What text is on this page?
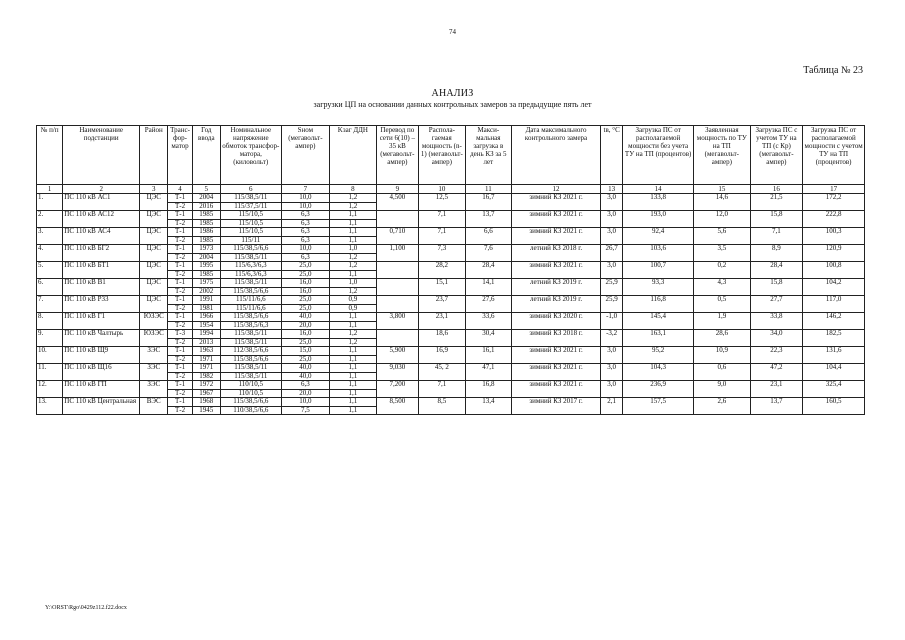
74
Таблица № 23
АНАЛИЗ
загрузки ЦП на основании данных контрольных замеров за предыдущие пять лет
№ п/п	Наименование подстанции	Район	Транс-фор-матор	Год ввода	Номинальное напряжение обмоток трансфор-матора, (киловольт)	Sном (мегавольт-ампер)	Kзаг ДДН	Перевод по сети 6(10) – 35 кВ (мегавольт-ампер)	Распола-гаемая мощность (n-1) (мегавольт-ампер)	Макси-мальная загрузка в день КЗ за 5 лет	Дата максимального контрольного замера	tв, °С	Загрузка ПС от располагаемой мощности без учета ТУ на ТП (процентов)	Заявленная мощность по ТУ на ТП (мегавольт-ампер)	Загрузка ПС с учетом ТУ на ТП (с Кр) (мегавольт-ампер)	Загрузка ПС от располагаемой мощности с учетом ТУ на ТП (процентов)
1	2	3	4	5	6	7	8	9	10	11	12	13	14	15	16	17
1.	ПС 110 кВ АС1	ЦЭС	Т-1	2004	115/38,5/11	10,0	1,2	4,500	12,5	16,7	зимний КЗ 2021 г.	3,0	133,8	14,6	21,5	172,2
			Т-2	2016	115/37,5/11	10,0	1,2									
2.	ПС 110 кВ АС12	ЦЭС	Т-1	1985	115/10,5	6,3	1,1		7,1	13,7	зимний КЗ 2021 г.	3,0	193,0	12,0	15,8	222,8
			Т-2	1985	115/10,5	6,3	1,1									
3.	ПС 110 кВ АС4	ЦЭС	Т-1	1986	115/10,5	6,3	1,1	0,710	7,1	6,6	зимний КЗ 2021 г.	3,0	92,4	5,6	7,1	100,3
			Т-2	1985	115/11	6,3	1,1									
4.	ПС 110 кВ БГ2	ЦЭС	Т-1	1973	115/38,5/6,6	10,0	1,0	1,100	7,3	7,6	летний КЗ 2018 г.	26,7	103,6	3,5	8,9	120,9
			Т-2	2004	115/38,5/11	6,3	1,2									
5.	ПС 110 кВ БТ1	ЦЭС	Т-1	1995	115/6,3/6,3	25,0	1,2		28,2	28,4	зимний КЗ 2021 г.	3,0	100,7	0,2	28,4	100,8
			Т-2	1985	115/6,3/6,3	25,0	1,1									
6.	ПС 110 кВ В1	ЦЭС	Т-1	1975	115/38,5/11	16,0	1,0		15,1	14,1	летний КЗ 2019 г.	25,9	93,3	4,3	15,8	104,2
			Т-2	2002	115/38,5/6,6	16,0	1,2									
7.	ПС 110 кВ Р33	ЦЭС	Т-1	1991	115/11/6,6	25,0	0,9		23,7	27,6	летний КЗ 2019 г.	25,9	116,8	0,5	27,7	117,0
			Т-2	1981	115/11/6,6	25,0	0,9									
8.	ПС 110 кВ Г1	ЮЗЭС	Т-1	1966	115/38,5/6,6	40,0	1,1	3,800	23,1	33,6	зимний КЗ 2020 г.	-1,0	145,4	1,9	33,8	146,2
			Т-2	1954	115/38,5/6,3	20,0	1,1									
9.	ПС 110 кВ Чалтырь	ЮЗЭС	Т-3	1994	115/38,5/11	16,0	1,2		18,6	30,4	зимний КЗ 2018 г.	-3,2	163,1	28,6	34,0	182,5
			Т-2	2013	115/38,5/11	25,0	1,2									
10.	ПС 110 кВ Щ9	ЗЭС	Т-1	1963	112/38,5/6,6	15,0	1,1	5,900	16,9	16,1	зимний КЗ 2021 г.	3,0	95,2	10,9	22,3	131,6
			Т-2	1971	115/38,5/6,6	25,0	1,1									
11.	ПС 110 кВ Щ16	ЗЭС	Т-1	1971	115/38,5/11	40,0	1,1	9,030	45, 2	47,1	зимний КЗ 2021 г.	3,0	104,3	0,6	47,2	104,4
			Т-2	1982	115/38,5/11	40,0	1,1									
12.	ПС 110 кВ ГП	ЗЭС	Т-1	1972	110/10,5	6,3	1,1	7,200	7,1	16,8	зимний КЗ 2021 г.	3,0	236,9	9,0	23,1	325,4
			Т-2	1967	110/10,5	20,0	1,1									
13.	ПС 110 кВ Центральная	ВЭС	Т-1	1968	115/38,5/6,6	10,0	1,1	8,500	8,5	13,4	зимний КЗ 2017 г.	2,1	157,5	2,6	13,7	160,5
			Т-2	1945	110/38,5/6,6	7,5	1,1									
Y:\ORST\Rgo\0429z112.f22.docx
